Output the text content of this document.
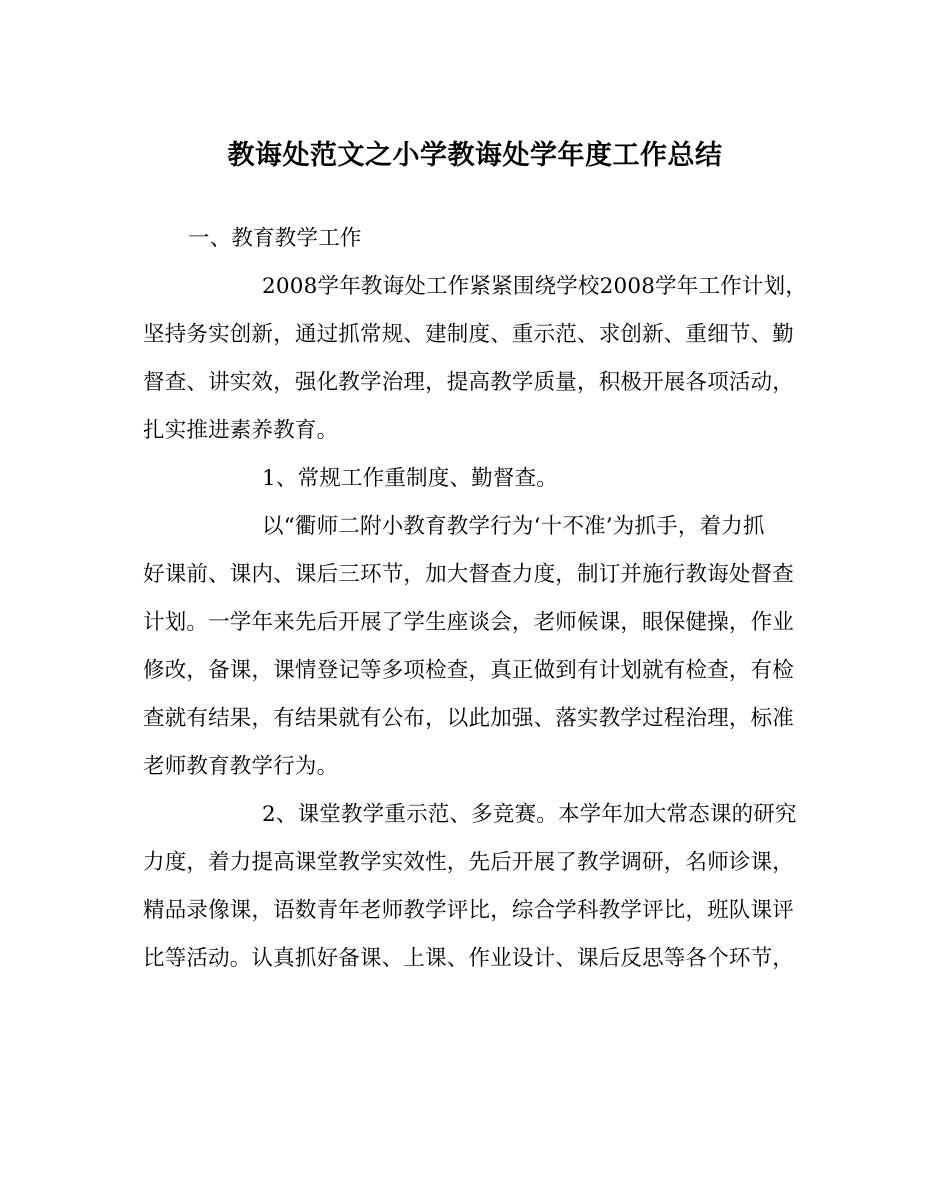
教诲处范文之小学教诲处学年度工作总结
一、教育教学工作
2008学年教诲处工作紧紧围绕学校2008学年工作计划，
坚持务实创新，通过抓常规、建制度、重示范、求创新、重细节、勤
督查、讲实效，强化教学治理，提高教学质量，积极开展各项活动，
扎实推进素养教育。
1、常规工作重制度、勤督查。
以“衢师二附小教育教学行为‘十不准’为抓手，着力抓
好课前、课内、课后三环节，加大督查力度，制订并施行教诲处督查
计划。一学年来先后开展了学生座谈会，老师候课，眼保健操，作业
修改，备课，课情登记等多项检查，真正做到有计划就有检查，有检
查就有结果，有结果就有公布，以此加强、落实教学过程治理，标准
老师教育教学行为。
2、课堂教学重示范、多竞赛。本学年加大常态课的研究
力度，着力提高课堂教学实效性，先后开展了教学调研，名师诊课，
精品录像课，语数青年老师教学评比，综合学科教学评比，班队课评
比等活动。认真抓好备课、上课、作业设计、课后反思等各个环节，
